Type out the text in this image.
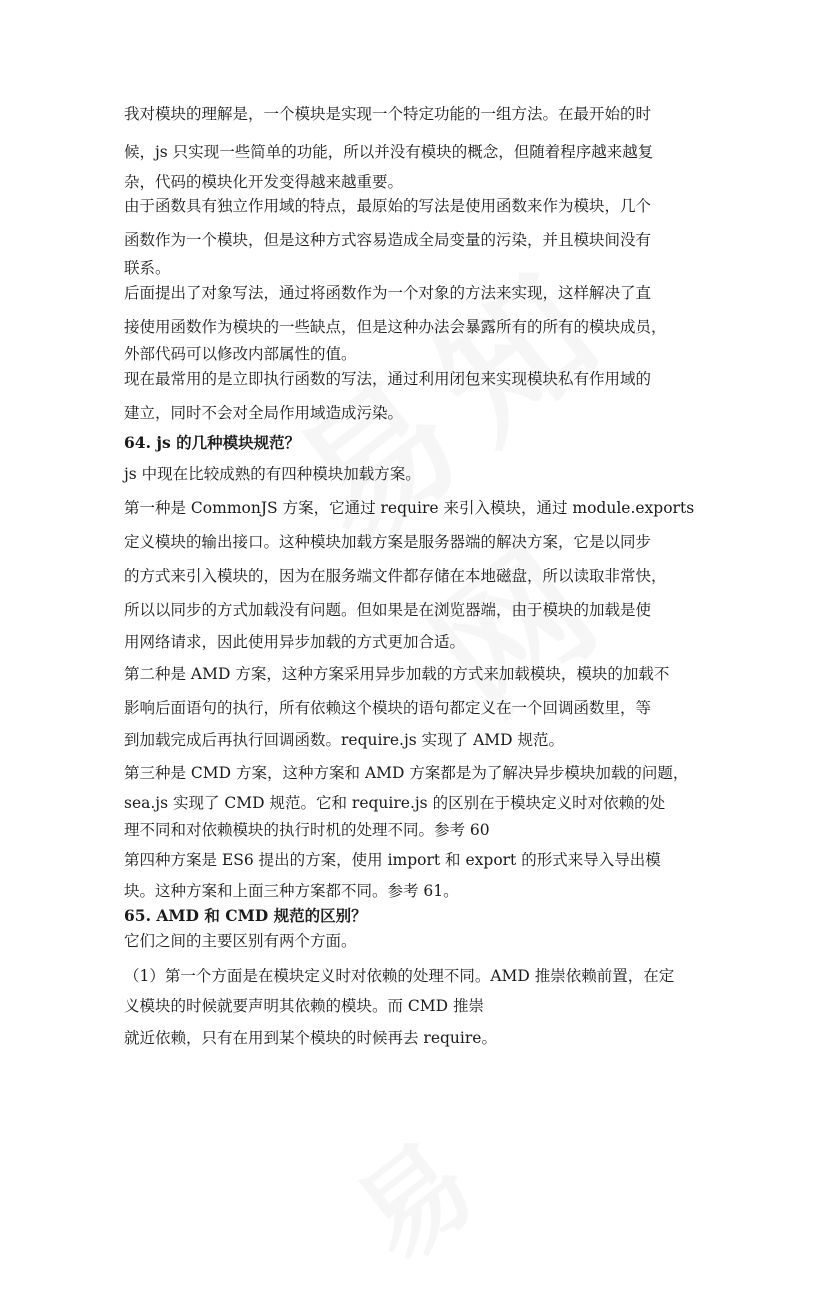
我对模块的理解是，一个模块是实现一个特定功能的一组方法。在最开始的时
候，js 只实现一些简单的功能，所以并没有模块的概念，但随着程序越来越复
杂，代码的模块化开发变得越来越重要。
由于函数具有独立作用域的特点，最原始的写法是使用函数来作为模块，几个
函数作为一个模块，但是这种方式容易造成全局变量的污染，并且模块间没有
联系。
后面提出了对象写法，通过将函数作为一个对象的方法来实现，这样解决了直
接使用函数作为模块的一些缺点，但是这种办法会暴露所有的所有的模块成员，
外部代码可以修改内部属性的值。
现在最常用的是立即执行函数的写法，通过利用闭包来实现模块私有作用域的
建立，同时不会对全局作用域造成污染。
64. js 的几种模块规范？
js 中现在比较成熟的有四种模块加载方案。
第一种是 CommonJS 方案，它通过 require 来引入模块，通过 module.exports
定义模块的输出接口。这种模块加载方案是服务器端的解决方案，它是以同步
的方式来引入模块的，因为在服务端文件都存储在本地磁盘，所以读取非常快，
所以以同步的方式加载没有问题。但如果是在浏览器端，由于模块的加载是使
用网络请求，因此使用异步加载的方式更加合适。
第二种是 AMD 方案，这种方案采用异步加载的方式来加载模块，模块的加载不
影响后面语句的执行，所有依赖这个模块的语句都定义在一个回调函数里，等
到加载完成后再执行回调函数。require.js 实现了 AMD 规范。
第三种是 CMD 方案，这种方案和 AMD 方案都是为了解决异步模块加载的问题，
sea.js 实现了 CMD 规范。它和 require.js 的区别在于模块定义时对依赖的处
理不同和对依赖模块的执行时机的处理不同。参考 60
第四种方案是 ES6 提出的方案，使用 import 和 export 的形式来导入导出模
块。这种方案和上面三种方案都不同。参考 61。
65. AMD 和 CMD 规范的区别？
它们之间的主要区别有两个方面。
（1）第一个方面是在模块定义时对依赖的处理不同。AMD 推崇依赖前置，在定
义模块的时候就要声明其依赖的模块。而 CMD 推崇
就近依赖，只有在用到某个模块的时候再去 require。
